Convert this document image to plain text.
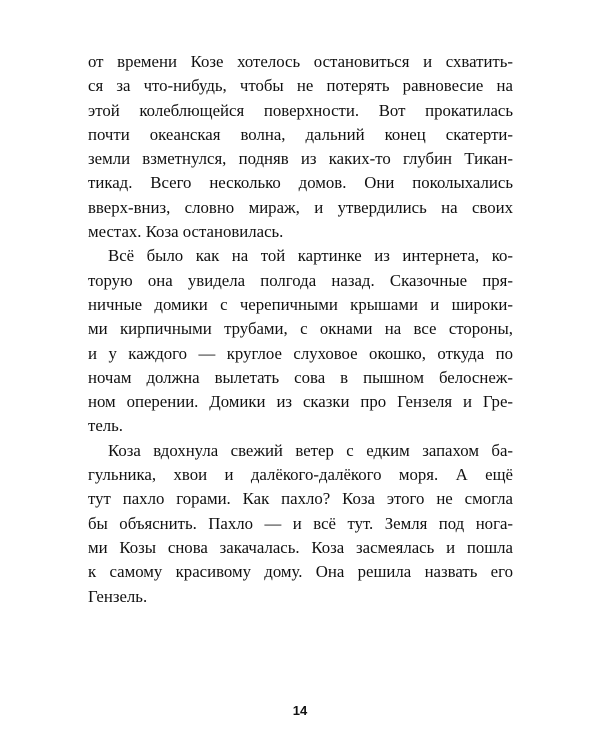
от времени Козе хотелось остановиться и схватить-
ся за что-нибудь, чтобы не потерять равновесие на
этой колеблющейся поверхности. Вот прокатилась
почти океанская волна, дальний конец скатерти-
земли взметнулся, подняв из каких-то глубин Тикан-
тикад. Всего несколько домов. Они поколыхались
вверх-вниз, словно мираж, и утвердились на своих
местах. Коза остановилась.
Всё было как на той картинке из интернета, ко-
торую она увидела полгода назад. Сказочные пря-
ничные домики с черепичными крышами и широки-
ми кирпичными трубами, с окнами на все стороны,
и у каждого — круглое слуховое окошко, откуда по
ночам должна вылетать сова в пышном белоснеж-
ном оперении. Домики из сказки про Гензеля и Гре-
тель.
Коза вдохнула свежий ветер с едким запахом ба-
гульника, хвои и далёкого-далёкого моря. А ещё
тут пахло горами. Как пахло? Коза этого не смогла
бы объяснить. Пахло — и всё тут. Земля под нога-
ми Козы снова закачалась. Коза засмеялась и пошла
к самому красивому дому. Она решила назвать его
Гензель.
14
